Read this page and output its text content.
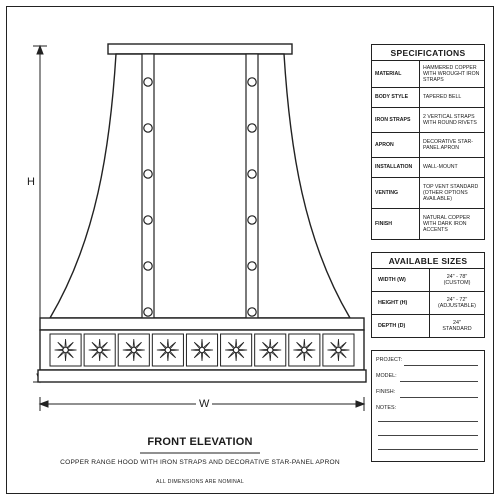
H
W
SPECIFICATIONS
MATERIAL
HAMMERED COPPER WITH WROUGHT IRON STRAPS
BODY STYLE	TAPERED BELL
IRON STRAPS
2 VERTICAL STRAPS WITH ROUND RIVETS
APRON
DECORATIVE STAR-PANEL APRON
INSTALLATION	WALL-MOUNT
VENTING
TOP VENT STANDARD (OTHER OPTIONS AVAILABLE)
FINISH
NATURAL COPPER WITH DARK IRON ACCENTS
AVAILABLE SIZES
WIDTH (W)
24" - 78"
(CUSTOM)
HEIGHT (H)
24" - 72"
(ADJUSTABLE)
DEPTH (D)
24"
STANDARD
PROJECT:
MODEL:
FINISH:
NOTES:
FRONT ELEVATION
COPPER RANGE HOOD WITH IRON STRAPS AND DECORATIVE STAR-PANEL APRON
ALL DIMENSIONS ARE NOMINAL
